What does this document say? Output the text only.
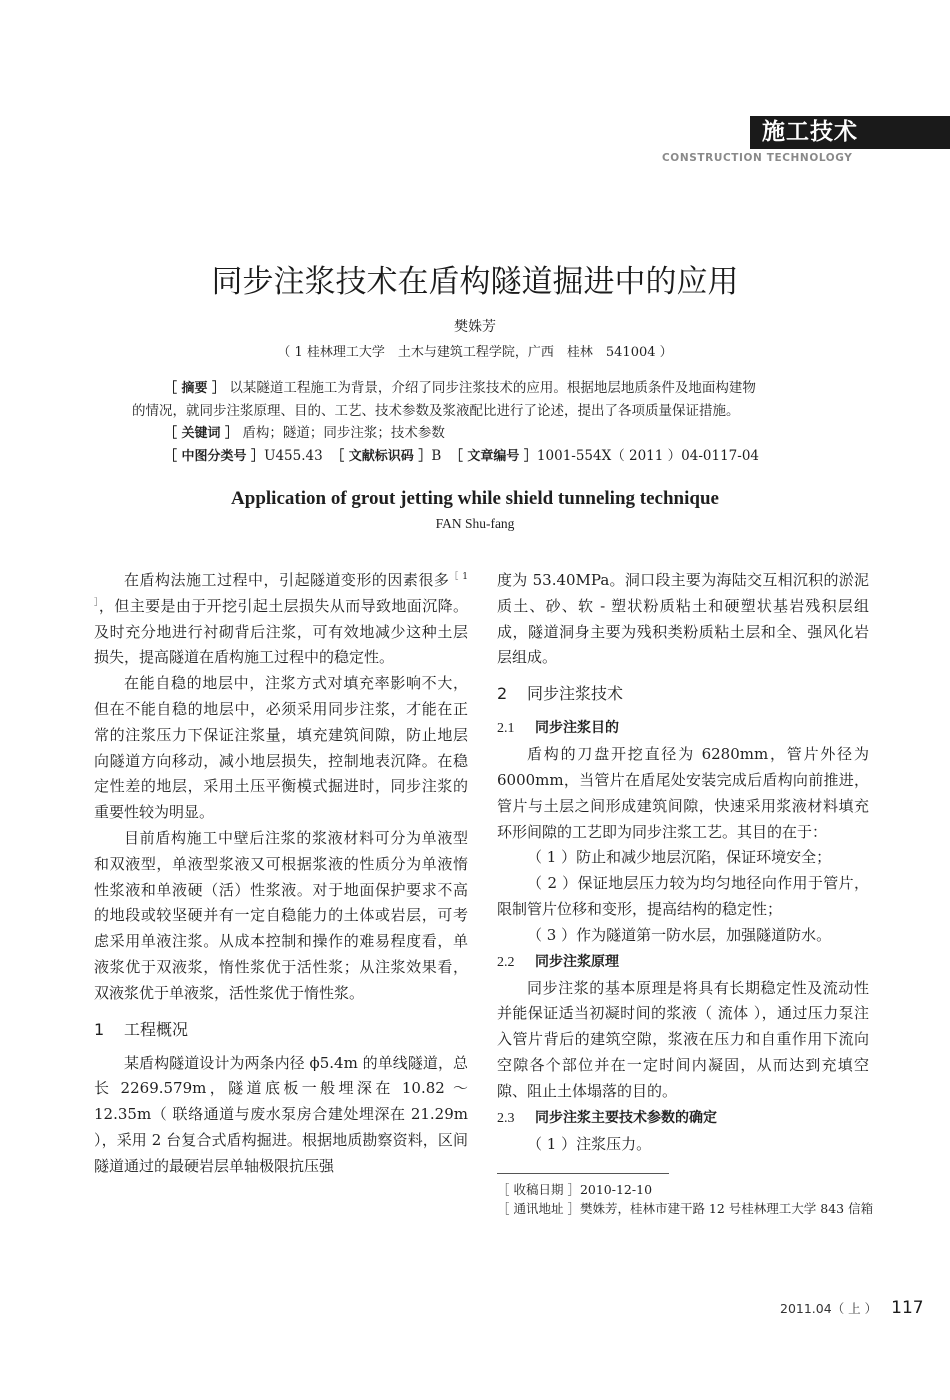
施工技术
CONSTRUCTION TECHNOLOGY
同步注浆技术在盾构隧道掘进中的应用
樊姝芳
（ 1 桂林理工大学　土木与建筑工程学院，广西　桂林　541004 ）
［ 摘要 ］ 以某隧道工程施工为背景，介绍了同步注浆技术的应用。根据地层地质条件及地面构建物
的情况，就同步注浆原理、目的、工艺、技术参数及浆液配比进行了论述，提出了各项质量保证措施。
［ 关键词 ］ 盾构；隧道；同步注浆；技术参数
［ 中图分类号 ］U455.43 ［ 文献标识码 ］B ［ 文章编号 ］1001-554X（ 2011 ）04-0117-04
Application of grout jetting while shield tunneling technique
FAN Shu-fang

在盾构法施工过程中，引起隧道变形的因素很多$^{[ 1 ]}$，但主要是由于开挖引起土层损失从而导致地面沉降。及时充分地进行衬砌背后注浆，可有效地减少这种土层损失，提高隧道在盾构施工过程中的稳定性。

在能自稳的地层中，注浆方式对填充率影响不大，但在不能自稳的地层中，必须采用同步注浆，才能在正常的注浆压力下保证注浆量，填充建筑间隙，防止地层向隧道方向移动，减小地层损失，控制地表沉降。在稳定性差的地层，采用土压平衡模式掘进时，同步注浆的重要性较为明显。

目前盾构施工中壁后注浆的浆液材料可分为单液型和双液型，单液型浆液又可根据浆液的性质分为单液惰性浆液和单液硬（活）性浆液。对于地面保护要求不高的地段或较坚硬并有一定自稳能力的土体或岩层，可考虑采用单液注浆。从成本控制和操作的难易程度看，单液浆优于双液浆，惰性浆优于活性浆；从注浆效果看，双液浆优于单液浆，活性浆优于惰性浆。

1 工程概况

某盾构隧道设计为两条内径 ϕ5.4m 的单线隧道，总长 2269.579m，隧道底板一般埋深在 10.82 ～ 12.35m（ 联络通道与废水泵房合建处埋深在 21.29m ），采用 2 台复合式盾构掘进。根据地质勘察资料，区间隧道通过的最硬岩层单轴极限抗压强

度为 53.40MPa。洞口段主要为海陆交互相沉积的淤泥质土、砂、软 - 塑状粉质粘土和硬塑状基岩残积层组成，隧道洞身主要为残积类粉质粘土层和全、强风化岩层组成。

2 同步注浆技术
2.1 同步注浆目的

盾构的刀盘开挖直径为 6280mm，管片外径为 6000mm，当管片在盾尾处安装完成后盾构向前推进，管片与土层之间形成建筑间隙，快速采用浆液材料填充环形间隙的工艺即为同步注浆工艺。其目的在于：

（ 1 ）防止和减少地层沉陷，保证环境安全；

（ 2 ）保证地层压力较为均匀地径向作用于管片，限制管片位移和变形，提高结构的稳定性；

（ 3 ）作为隧道第一防水层，加强隧道防水。

2.2 同步注浆原理

同步注浆的基本原理是将具有长期稳定性及流动性并能保证适当初凝时间的浆液（ 流体 ），通过压力泵注入管片背后的建筑空隙，浆液在压力和自重作用下流向空隙各个部位并在一定时间内凝固，从而达到充填空隙、阻止土体塌落的目的。

2.3 同步注浆主要技术参数的确定

（ 1 ）注浆压力。

［ 收稿日期 ］2010-12-10
［ 通讯地址 ］樊姝芳，桂林市建干路 12 号桂林理工大学 843 信箱
2011.04（ 上 ） 117
